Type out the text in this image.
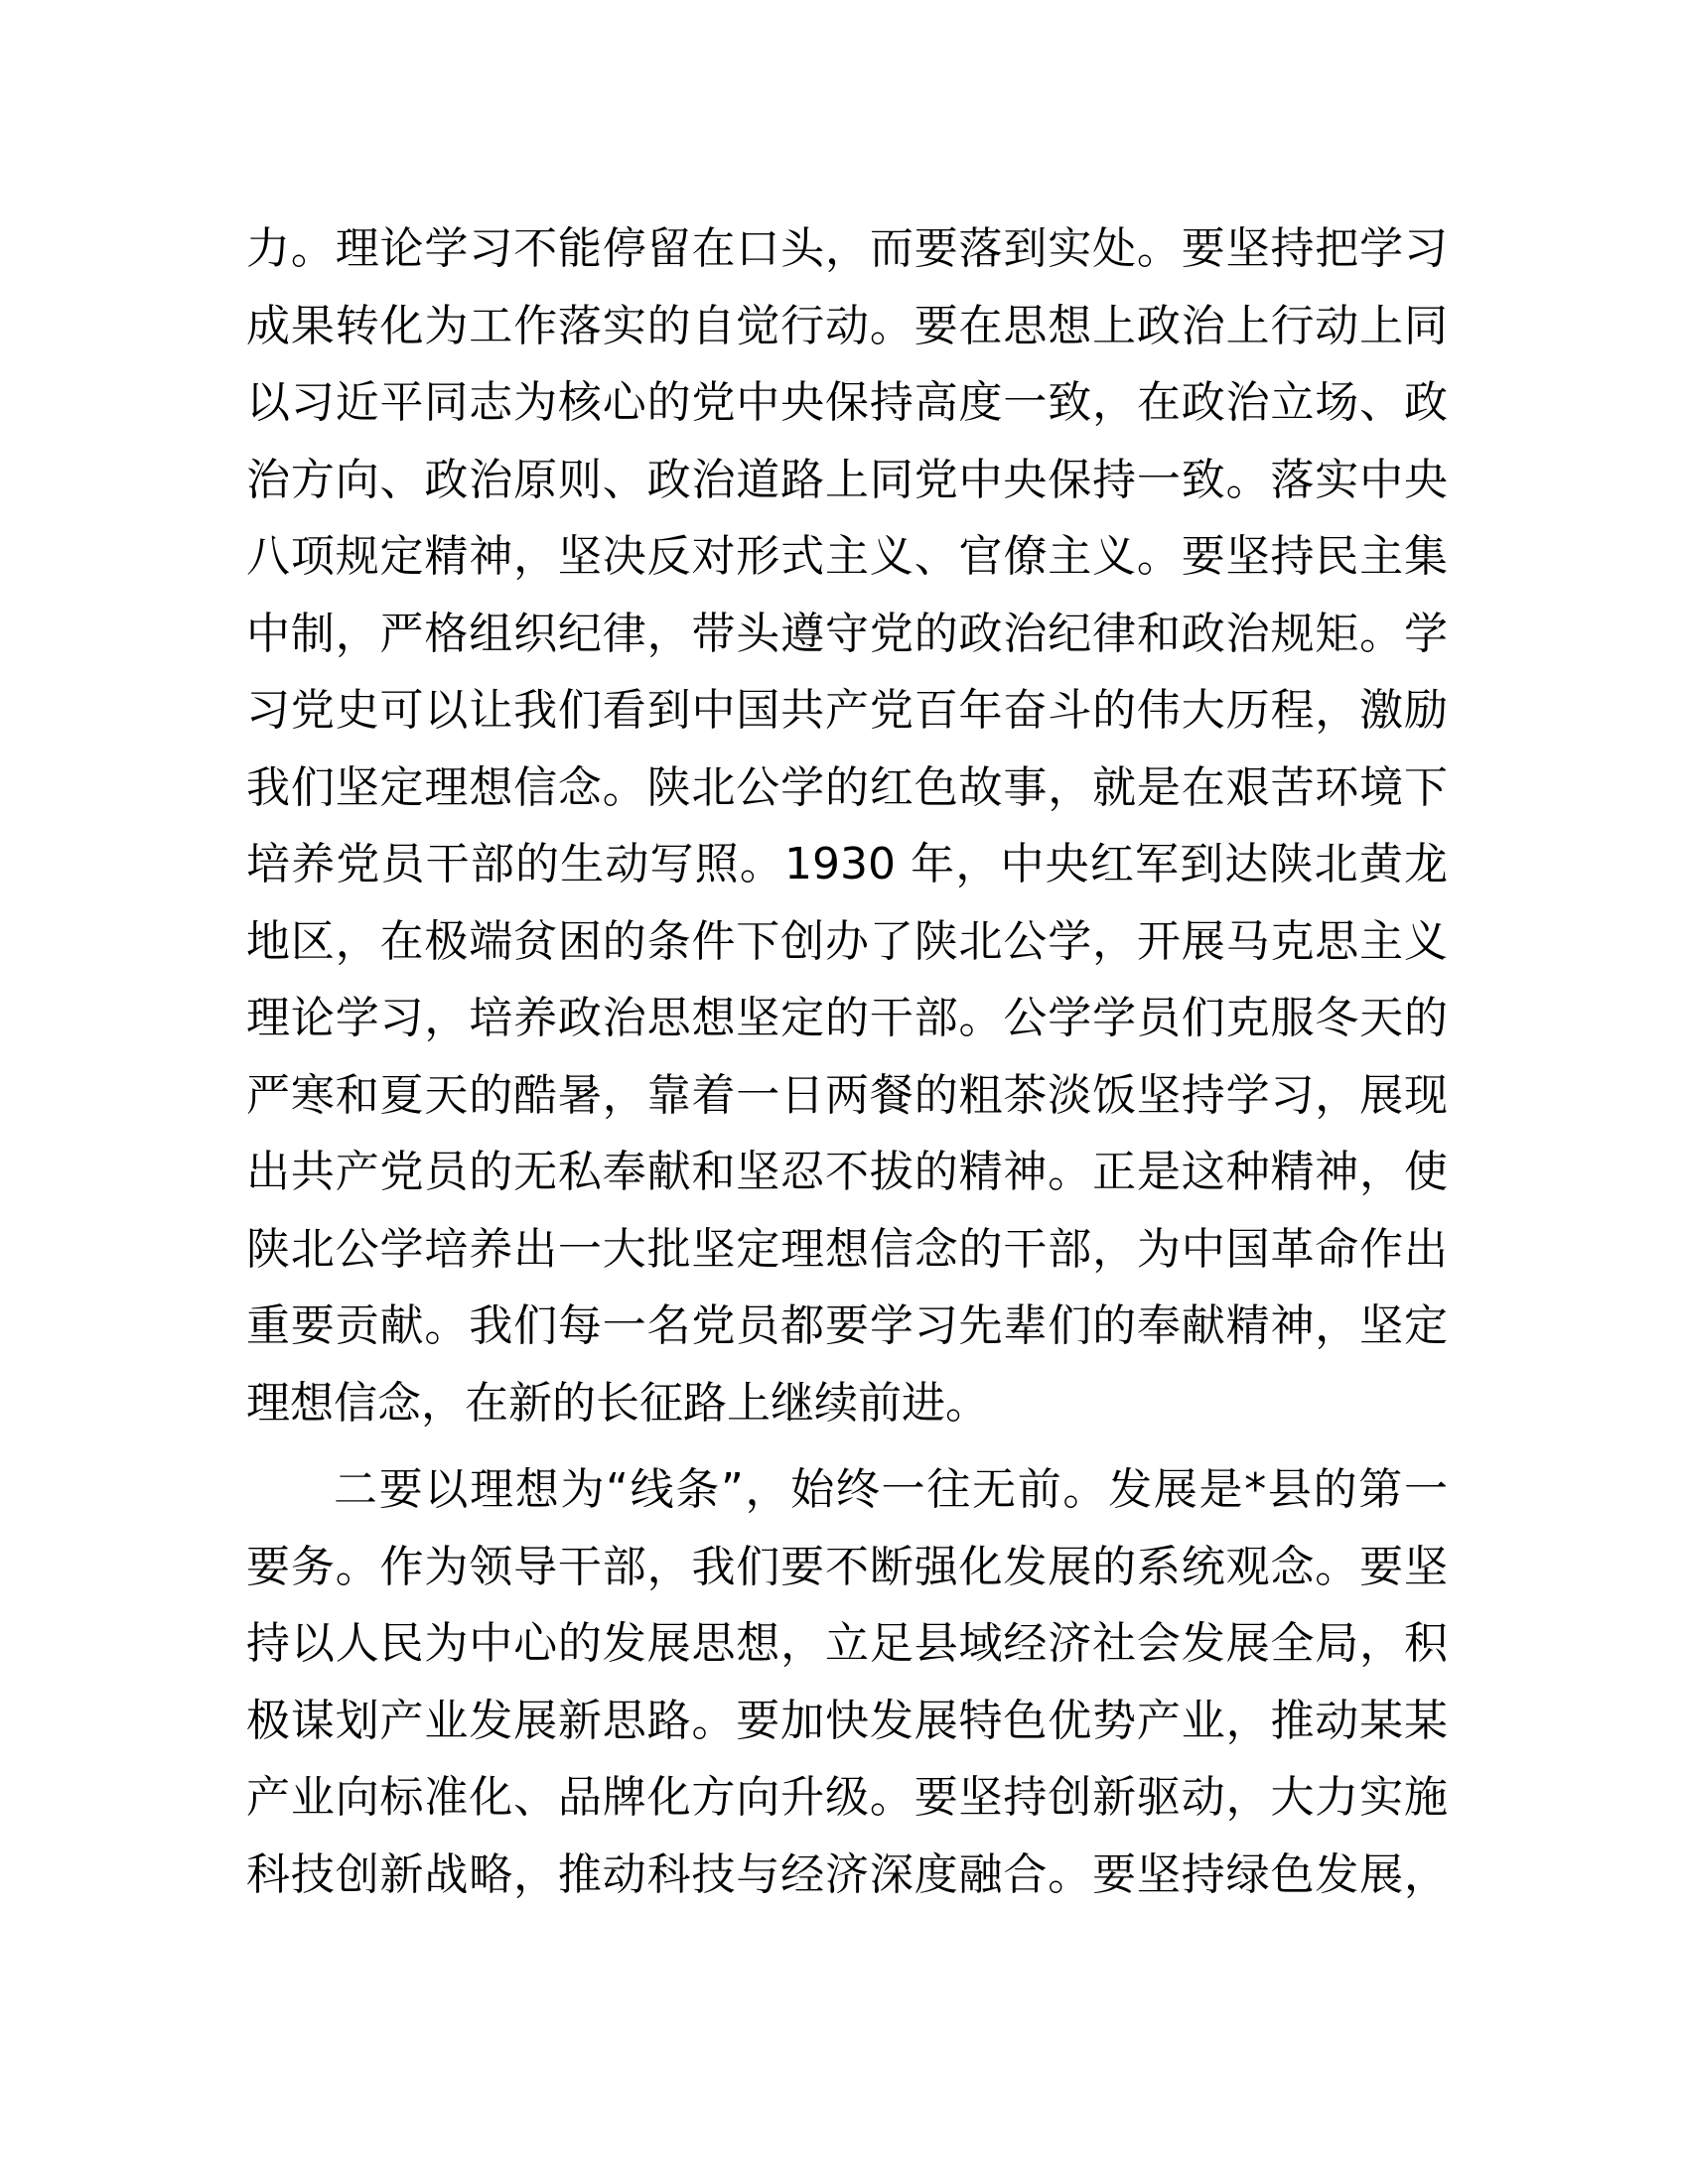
力。理论学习不能停留在口头，而要落到实处。要坚持把学习
成果转化为工作落实的自觉行动。要在思想上政治上行动上同
以习近平同志为核心的党中央保持高度一致，在政治立场、政
治方向、政治原则、政治道路上同党中央保持一致。落实中央
八项规定精神，坚决反对形式主义、官僚主义。要坚持民主集
中制，严格组织纪律，带头遵守党的政治纪律和政治规矩。学
习党史可以让我们看到中国共产党百年奋斗的伟大历程，激励
我们坚定理想信念。陕北公学的红色故事，就是在艰苦环境下
培养党员干部的生动写照。1930 年，中央红军到达陕北黄龙
地区，在极端贫困的条件下创办了陕北公学，开展马克思主义
理论学习，培养政治思想坚定的干部。公学学员们克服冬天的
严寒和夏天的酷暑，靠着一日两餐的粗茶淡饭坚持学习，展现
出共产党员的无私奉献和坚忍不拔的精神。正是这种精神，使
陕北公学培养出一大批坚定理想信念的干部，为中国革命作出
重要贡献。我们每一名党员都要学习先辈们的奉献精神，坚定
理想信念，在新的长征路上继续前进。
二要以理想为“线条”，始终一往无前。发展是*县的第一
要务。作为领导干部，我们要不断强化发展的系统观念。要坚
持以人民为中心的发展思想，立足县域经济社会发展全局，积
极谋划产业发展新思路。要加快发展特色优势产业，推动某某
产业向标准化、品牌化方向升级。要坚持创新驱动，大力实施
科技创新战略，推动科技与经济深度融合。要坚持绿色发展，
